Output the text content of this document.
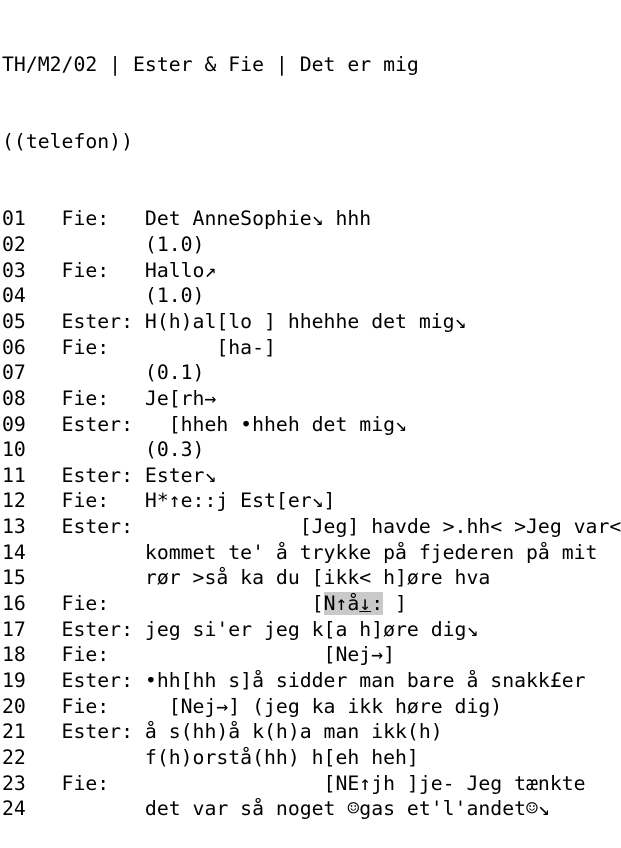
TH/M2/02 | Ester & Fie | Det er mig

((telefon))

01   Fie:   Det AnneSophie↘ hhh
02          (1.0)
03   Fie:   Hallo↗
04          (1.0)
05   Ester: H(h)al[lo ] hhehhe det mig↘
06   Fie:         [ha-]
07          (0.1)
08   Fie:   Je[rh→
09   Ester:   [hheh •hheh det mig↘
10          (0.3)
11   Ester: Ester↘
12   Fie:   H*↑e::j Est[er↘]
13   Ester:              [Jeg] havde >.hh< >Jeg var<
14          kommet te' å trykke på fjederen på mit
15          rør >så ka du [ikk< h]øre hva
16   Fie:                 [N↑å↓: ]
17   Ester: jeg si'er jeg k[a h]øre dig↘
18   Fie:                  [Nej→]
19   Ester: •hh[hh s]å sidder man bare å snakk£er
20   Fie:     [Nej→] (jeg ka ikk høre dig)
21   Ester: å s(hh)å k(h)a man ikk(h)
22          f(h)orstå(hh) h[eh heh]
23   Fie:                  [NE↑jh ]je- Jeg tænkte
24          det var så noget ☺gas et'l'andet☺↘
